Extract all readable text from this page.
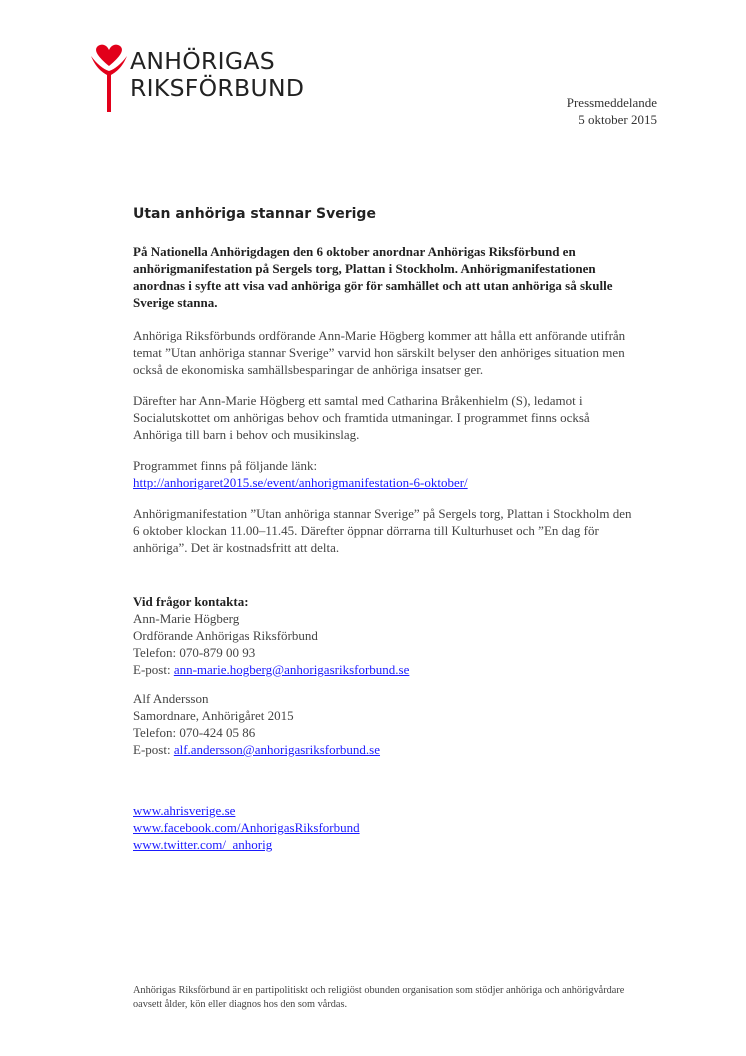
ANHÖRIGAS
RIKSFÖRBUND
Pressmeddelande
5 oktober 2015
Utan anhöriga stannar Sverige

På Nationella Anhörigdagen den 6 oktober anordnar Anhörigas Riksförbund en anhörigmanifestation på Sergels torg, Plattan i Stockholm. Anhörigmanifestationen anordnas i syfte att visa vad anhöriga gör för samhället och att utan anhöriga så skulle Sverige stanna.

Anhöriga Riksförbunds ordförande Ann-Marie Högberg kommer att hålla ett anförande utifrån temat ”Utan anhöriga stannar Sverige” varvid hon särskilt belyser den anhöriges situation men också de ekonomiska samhällsbesparingar de anhöriga insatser ger.

Därefter har Ann-Marie Högberg ett samtal med Catharina Bråkenhielm (S), ledamot i Socialutskottet om anhörigas behov och framtida utmaningar. I programmet finns också Anhöriga till barn i behov och musikinslag.

Programmet finns på följande länk:
http://anhorigaret2015.se/event/anhorigmanifestation-6-oktober/

Anhörigmanifestation ”Utan anhöriga stannar Sverige” på Sergels torg, Plattan i Stockholm den 6 oktober klockan 11.00–11.45. Därefter öppnar dörrarna till Kulturhuset och ”En dag för anhöriga”. Det är kostnadsfritt att delta.

Vid frågor kontakta:
Ann-Marie Högberg
Ordförande Anhörigas Riksförbund
Telefon: 070-879 00 93
E-post: ann-marie.hogberg@anhorigasriksforbund.se

Alf Andersson
Samordnare, Anhörigåret 2015
Telefon: 070-424 05 86
E-post: alf.andersson@anhorigasriksforbund.se

www.ahrisverige.se
www.facebook.com/AnhorigasRiksforbund
www.twitter.com/_anhorig
Anhörigas Riksförbund är en partipolitiskt och religiöst obunden organisation som stödjer anhöriga och anhörigvårdare oavsett ålder, kön eller diagnos hos den som vårdas.
